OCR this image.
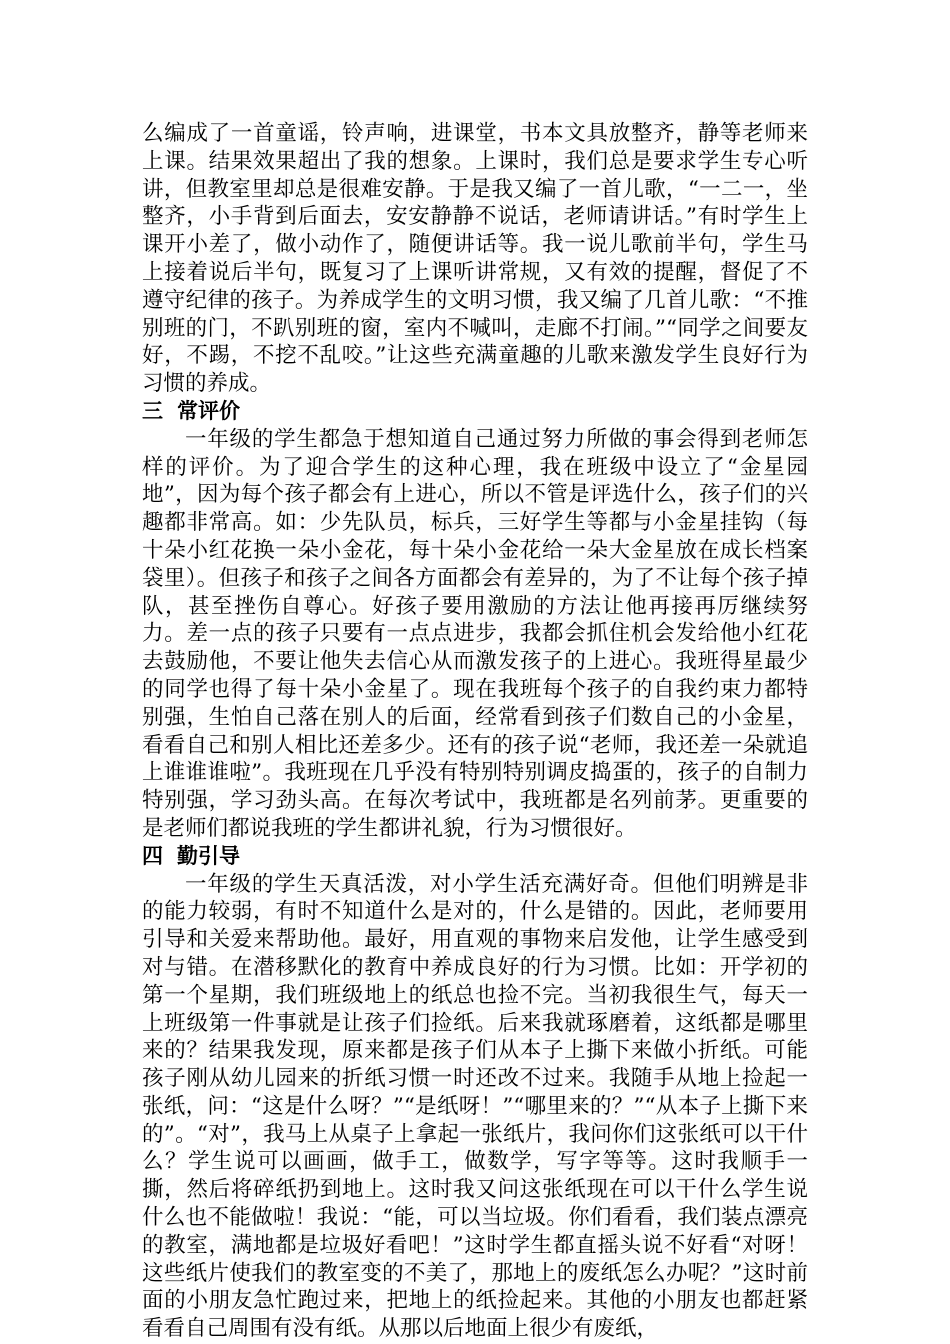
么编成了一首童谣，铃声响，进课堂，书本文具放整齐，静等老师来上课。结果效果超出了我的想象。上课时，我们总是要求学生专心听讲，但教室里却总是很难安静。于是我又编了一首儿歌，“一二一，坐整齐，小手背到后面去，安安静静不说话，老师请讲话。”有时学生上课开小差了，做小动作了，随便讲话等。我一说儿歌前半句，学生马上接着说后半句，既复习了上课听讲常规，又有效的提醒，督促了不遵守纪律的孩子。为养成学生的文明习惯，我又编了几首儿歌：“不推别班的门，不趴别班的窗，室内不喊叫，走廊不打闹。”“同学之间要友好，不踢，不挖不乱咬。”让这些充满童趣的儿歌来激发学生良好行为习惯的养成。

三 常评价

一年级的学生都急于想知道自己通过努力所做的事会得到老师怎样的评价。为了迎合学生的这种心理，我在班级中设立了“金星园地”，因为每个孩子都会有上进心，所以不管是评选什么，孩子们的兴趣都非常高。如：少先队员，标兵，三好学生等都与小金星挂钩（每十朵小红花换一朵小金花，每十朵小金花给一朵大金星放在成长档案袋里）。但孩子和孩子之间各方面都会有差异的，为了不让每个孩子掉队，甚至挫伤自尊心。好孩子要用激励的方法让他再接再厉继续努力。差一点的孩子只要有一点点进步，我都会抓住机会发给他小红花去鼓励他，不要让他失去信心从而激发孩子的上进心。我班得星最少的同学也得了每十朵小金星了。现在我班每个孩子的自我约束力都特别强，生怕自己落在别人的后面，经常看到孩子们数自己的小金星，看看自己和别人相比还差多少。还有的孩子说“老师，我还差一朵就追上谁谁谁啦”。我班现在几乎没有特别特别调皮捣蛋的，孩子的自制力特别强，学习劲头高。在每次考试中，我班都是名列前茅。更重要的是老师们都说我班的学生都讲礼貌，行为习惯很好。

四 勤引导

一年级的学生天真活泼，对小学生活充满好奇。但他们明辨是非的能力较弱，有时不知道什么是对的，什么是错的。因此，老师要用引导和关爱来帮助他。最好，用直观的事物来启发他，让学生感受到对与错。在潜移默化的教育中养成良好的行为习惯。比如：开学初的第一个星期，我们班级地上的纸总也捡不完。当初我很生气，每天一上班级第一件事就是让孩子们捡纸。后来我就琢磨着，这纸都是哪里来的？结果我发现，原来都是孩子们从本子上撕下来做小折纸。可能孩子刚从幼儿园来的折纸习惯一时还改不过来。我随手从地上捡起一张纸，问：“这是什么呀？”“是纸呀！”“哪里来的？”“从本子上撕下来的”。“对”，我马上从桌子上拿起一张纸片，我问你们这张纸可以干什么？学生说可以画画，做手工，做数学，写字等等。这时我顺手一撕，然后将碎纸扔到地上。这时我又问这张纸现在可以干什么学生说什么也不能做啦！我说：“能，可以当垃圾。你们看看，我们装点漂亮的教室，满地都是垃圾好看吧！”这时学生都直摇头说不好看“对呀！这些纸片使我们的教室变的不美了，那地上的废纸怎么办呢？”这时前面的小朋友急忙跑过来，把地上的纸捡起来。其他的小朋友也都赶紧看看自己周围有没有纸。从那以后地面上很少有废纸，
